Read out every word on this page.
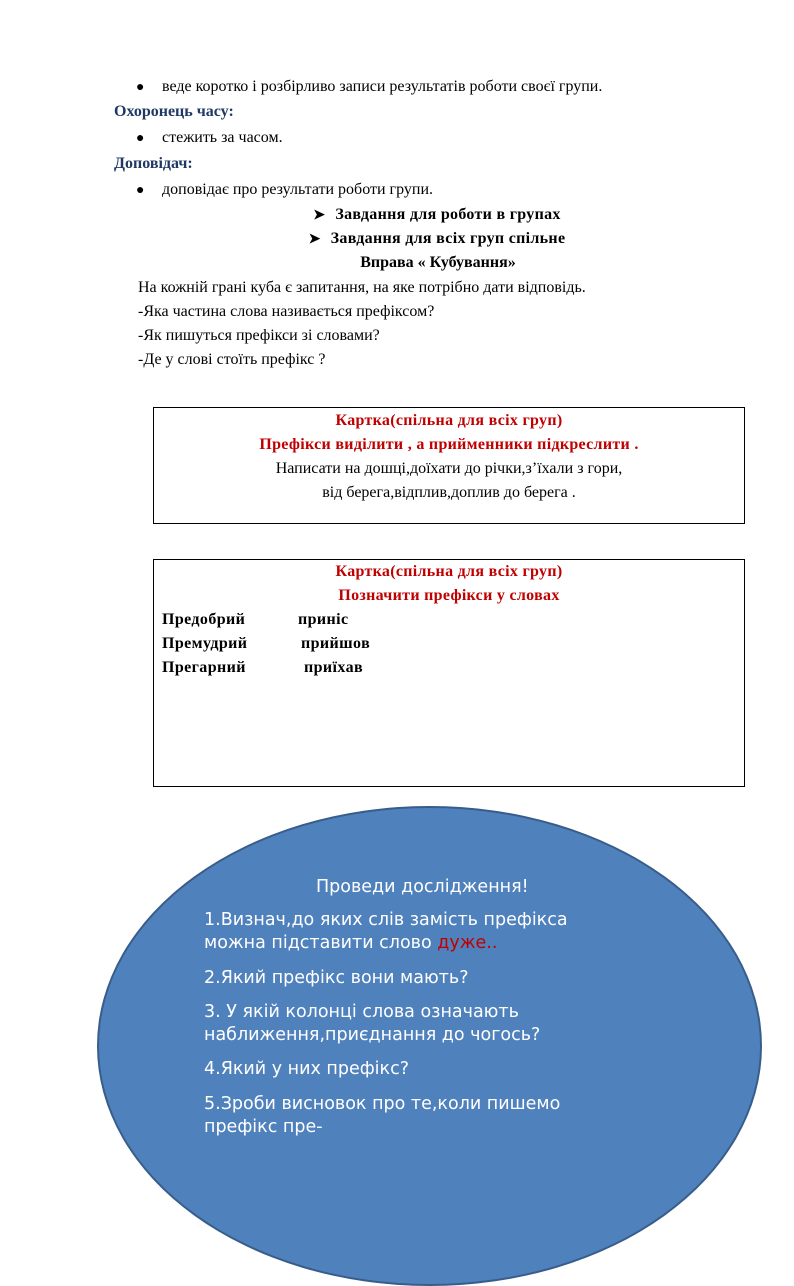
● веде коротко і розбірливо записи результатів роботи своєї групи.
Охоронець часу:
● стежить за часом.
Доповідач:
● доповідає про результати роботи групи.
➤ Завдання для роботи в групах
➤ Завдання для всіх груп спільне
Вправа « Кубування»
На кожній грані куба є запитання, на яке потрібно дати відповідь.
-Яка частина слова називається префіксом?
-Як пишуться префікси зі словами?
-Де у слові стоїть префікс ?
Картка(спільна для всіх груп)
Префікси виділити , а прийменники підкреслити .
Написати на дошці,доїхати до річки,з’їхали з гори,
від берега,відплив,доплив до берега .
Картка(спільна для всіх груп)
Позначити префікси у словах
Предобрий	приніс
Премудрий	прийшов
Прегарний	приїхав
Проведи дослідження!
1.Визнач,до яких слів замість префікса
можна підставити слово дуже..
2.Який префікс вони мають?
3. У якій колонці слова означають
наближення,приєднання до чогось?
4.Який у них префікс?
5.Зроби висновок про те,коли пишемо
префікс пре-
